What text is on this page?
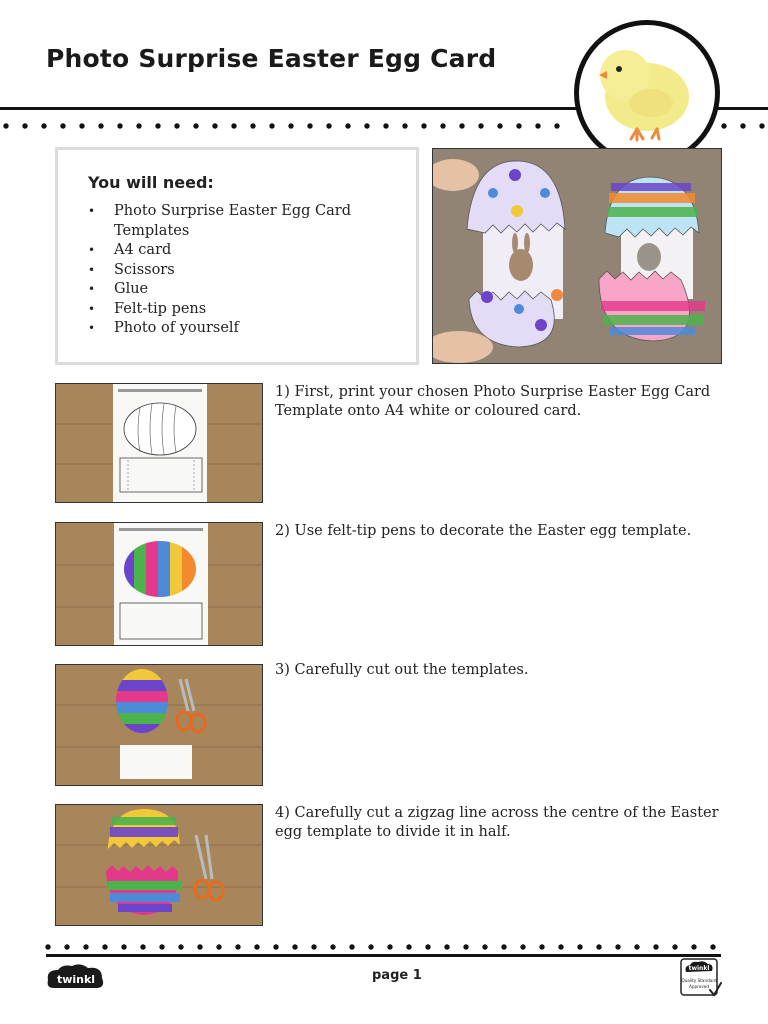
Photo Surprise Easter Egg Card
You will need:
• Photo Surprise Easter Egg Card Templates
• A4 card
• Scissors
• Glue
• Felt-tip pens
• Photo of yourself
1) First, print your chosen Photo Surprise Easter Egg Card Template onto A4 white or coloured card.
2) Use felt-tip pens to decorate the Easter egg template.
3) Carefully cut out the templates.
4) Carefully cut a zigzag line across the centre of the Easter egg template to divide it in half.
twinkl	page 1	twinkl
Quality Standard
Approved
